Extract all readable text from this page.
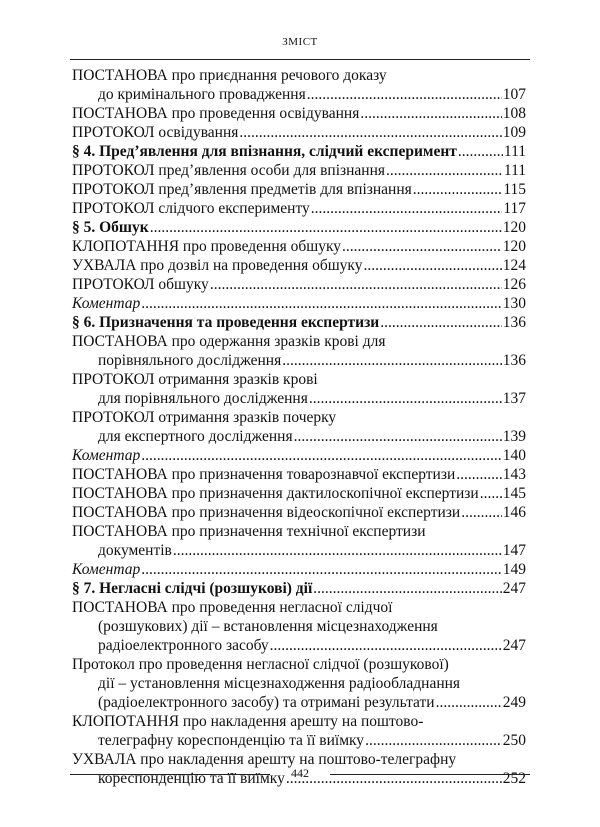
ЗМІСТ
ПОСТАНОВА про приєднання речового доказу
до кримінального провадження .....	107
ПОСТАНОВА про проведення освідування .....	108
ПРОТОКОЛ освідування .....	109
§ 4. Пред’явлення для впізнання, слідчий експеримент .....	111
ПРОТОКОЛ пред’явлення особи для впізнання .....	111
ПРОТОКОЛ пред’явлення предметів для впізнання .....	115
ПРОТОКОЛ слідчого експерименту .....	117
§ 5. Обшук .....	120
КЛОПОТАННЯ про проведення обшуку .....	120
УХВАЛА про дозвіл на проведення обшуку .....	124
ПРОТОКОЛ обшуку .....	126
Коментар .....	130
§ 6. Призначення та проведення експертизи .....	136
ПОСТАНОВА про одержання зразків крові для
порівняльного дослідження .....	136
ПРОТОКОЛ отримання зразків крові
для порівняльного дослідження .....	137
ПРОТОКОЛ отримання зразків почерку
для експертного дослідження .....	139
Коментар .....	140
ПОСТАНОВА про призначення товарознавчої експертизи .....	143
ПОСТАНОВА про призначення дактилоскопічної експертизи ..... 145
ПОСТАНОВА про призначення відеоскопічної експертизи .....	146
ПОСТАНОВА про призначення технічної експертизи
документів .....	147
Коментар .....	149
§ 7. Негласні слідчі (розшукові) дії .....	247
ПОСТАНОВА про проведення негласної слідчої
(розшукових) дії – встановлення місцезнаходження
радіоелектронного засобу .....	247
Протокол про проведення негласної слідчої (розшукової)
дії – установлення місцезнаходження радіообладнання
(радіоелектронного засобу) та отримані результати .....	249
КЛОПОТАННЯ про накладення арешту на поштово-
телеграфну кореспонденцію та її виїмку .....	250
УХВАЛА про накладення арешту на поштово-телеграфну
кореспонденцію та її виїмку .....	252
442
